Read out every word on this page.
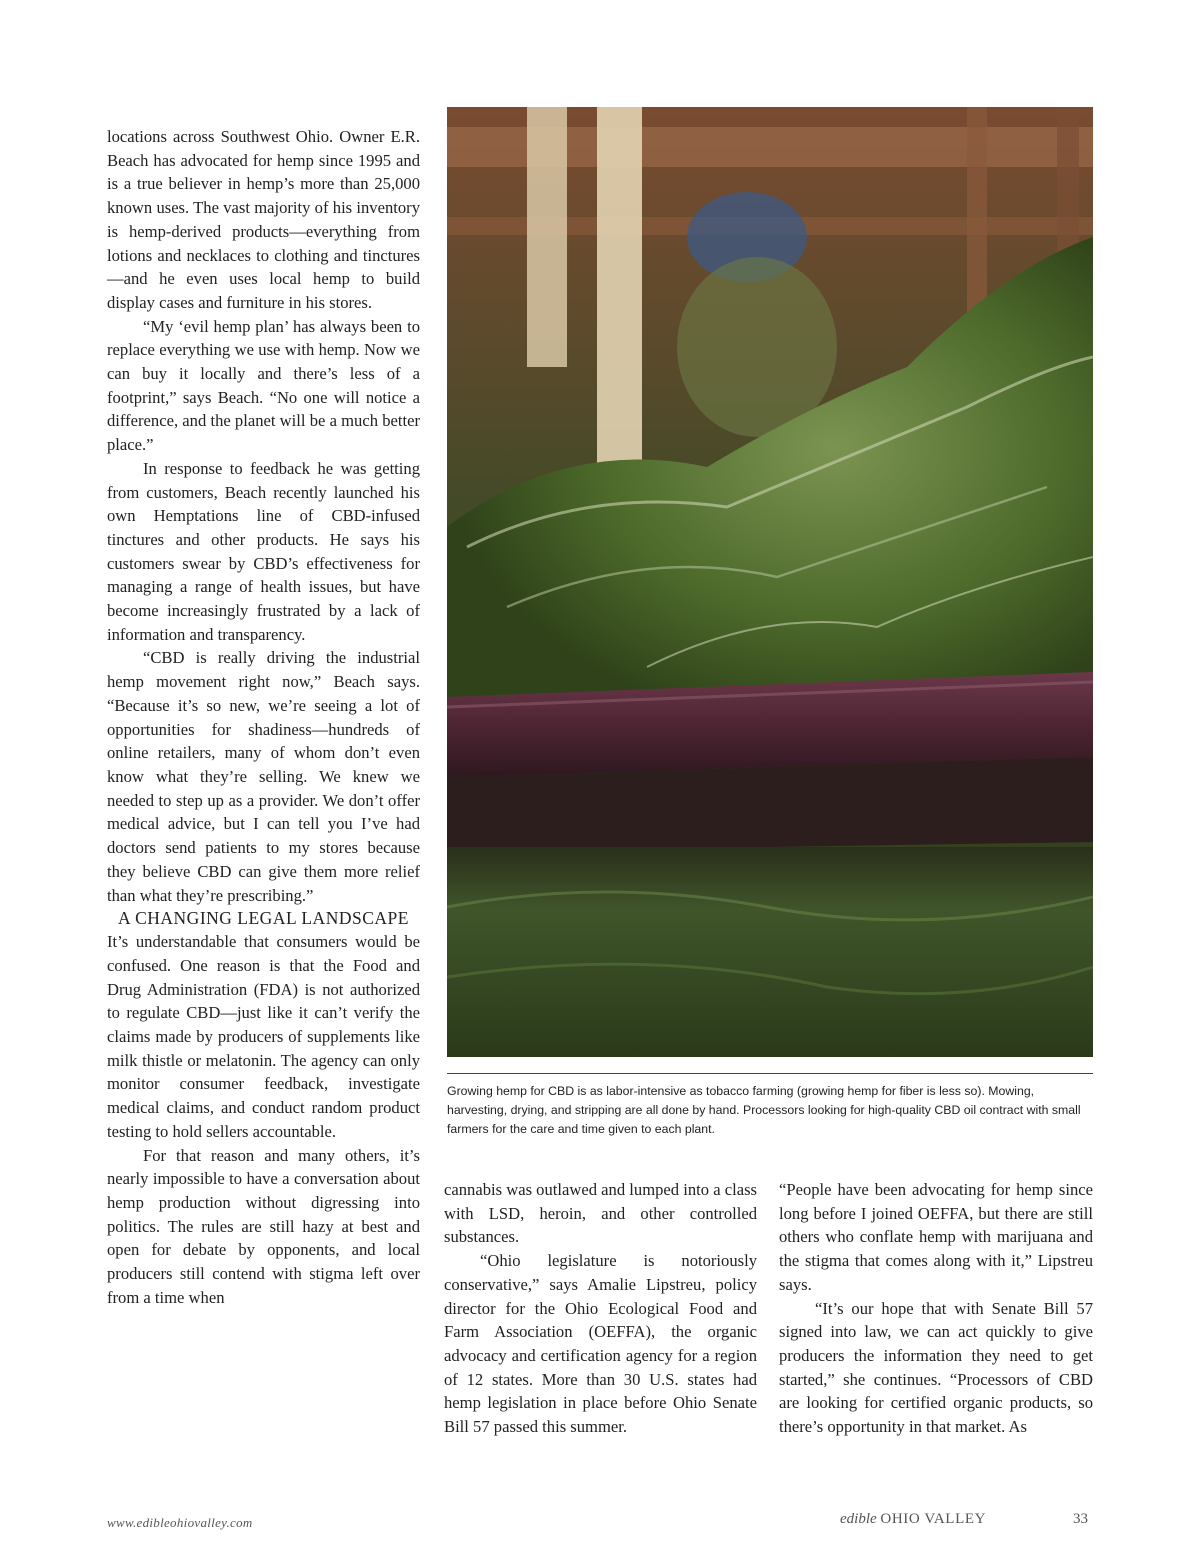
locations across Southwest Ohio. Owner E.R. Beach has advocated for hemp since 1995 and is a true believer in hemp’s more than 25,000 known uses. The vast majority of his inventory is hemp-derived products—everything from lotions and necklaces to clothing and tinctures—and he even uses local hemp to build display cases and furniture in his stores.

“My ‘evil hemp plan’ has always been to replace everything we use with hemp. Now we can buy it locally and there’s less of a footprint,” says Beach. “No one will notice a difference, and the planet will be a much better place.”

In response to feedback he was getting from customers, Beach recently launched his own Hemptations line of CBD-infused tinctures and other products. He says his customers swear by CBD’s effectiveness for managing a range of health issues, but have become increasingly frustrated by a lack of information and transparency.

“CBD is really driving the industrial hemp movement right now,” Beach says. “Because it’s so new, we’re seeing a lot of opportunities for shadiness—hundreds of online retailers, many of whom don’t even know what they’re selling. We knew we needed to step up as a provider. We don’t offer medical advice, but I can tell you I’ve had doctors send patients to my stores because they believe CBD can give them more relief than what they’re prescribing.”

A CHANGING LEGAL LANDSCAPE

It’s understandable that consumers would be confused. One reason is that the Food and Drug Administration (FDA) is not authorized to regulate CBD—just like it can’t verify the claims made by producers of supplements like milk thistle or melatonin. The agency can only monitor consumer feedback, investigate medical claims, and conduct random product testing to hold sellers accountable.

For that reason and many others, it’s nearly impossible to have a conversation about hemp production without digressing into politics. The rules are still hazy at best and open for debate by opponents, and local producers still contend with stigma left over from a time when

Growing hemp for CBD is as labor-intensive as tobacco farming (growing hemp for fiber is less so). Mowing, harvesting, drying, and stripping are all done by hand. Processors looking for high-quality CBD oil contract with small farmers for the care and time given to each plant.

cannabis was outlawed and lumped into a class with LSD, heroin, and other controlled substances.

“Ohio legislature is notoriously conservative,” says Amalie Lipstreu, policy director for the Ohio Ecological Food and Farm Association (OEFFA), the organic advocacy and certification agency for a region of 12 states. More than 30 U.S. states had hemp legislation in place before Ohio Senate Bill 57 passed this summer.

“People have been advocating for hemp since long before I joined OEFFA, but there are still others who conflate hemp with marijuana and the stigma that comes along with it,” Lipstreu says.

“It’s our hope that with Senate Bill 57 signed into law, we can act quickly to give producers the information they need to get started,” she continues. “Processors of CBD are looking for certified organic products, so there’s opportunity in that market. As

www.edibleohiovalley.com	edible OHIO VALLEY	33
